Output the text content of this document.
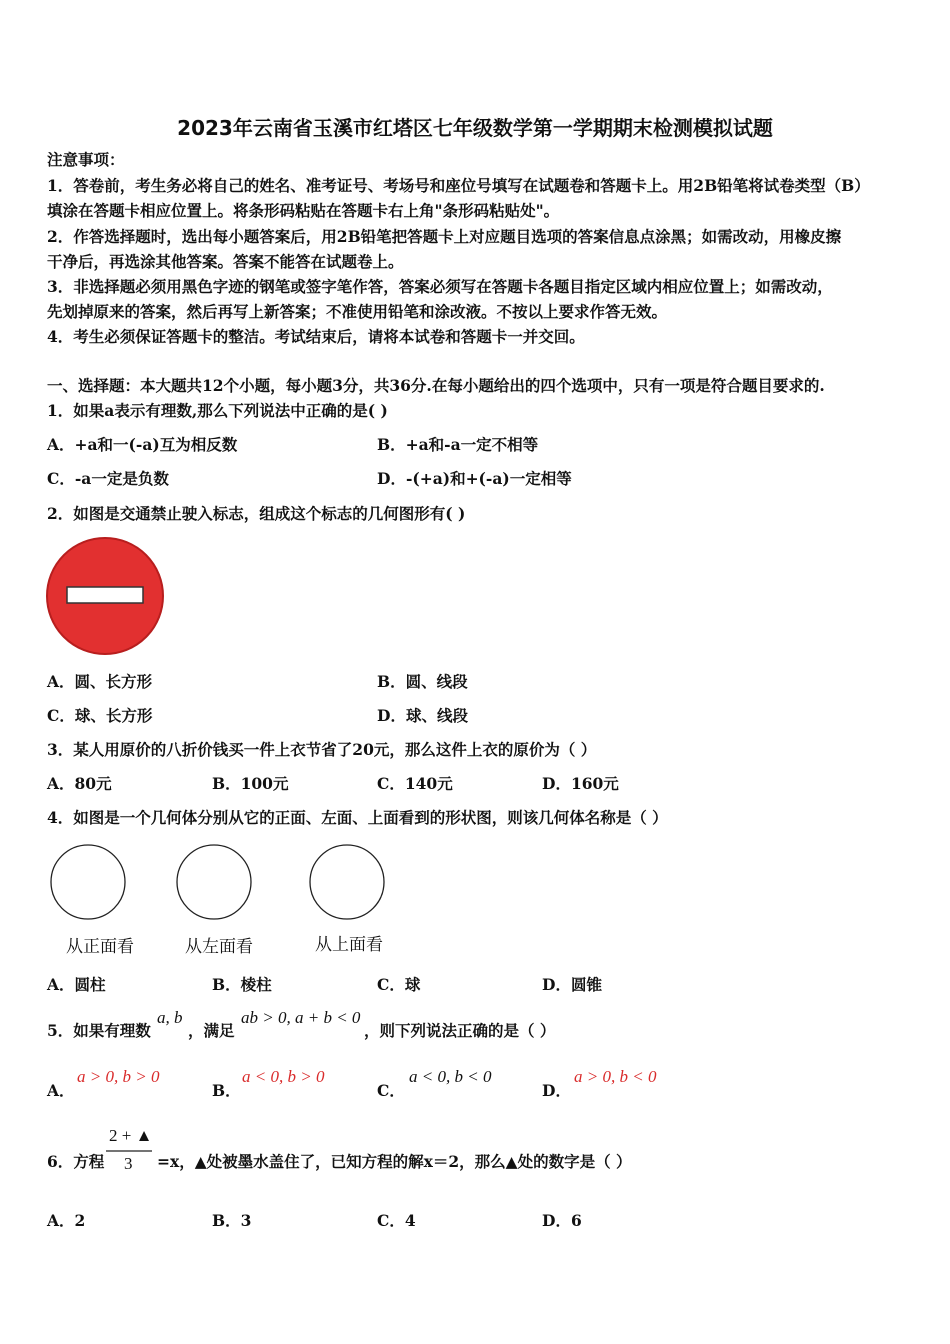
2023年云南省玉溪市红塔区七年级数学第一学期期末检测模拟试题
注意事项：
1．答卷前，考生务必将自己的姓名、准考证号、考场号和座位号填写在试题卷和答题卡上。用2B铅笔将试卷类型（B）
填涂在答题卡相应位置上。将条形码粘贴在答题卡右上角"条形码粘贴处"。
2．作答选择题时，选出每小题答案后，用2B铅笔把答题卡上对应题目选项的答案信息点涂黑；如需改动，用橡皮擦
干净后，再选涂其他答案。答案不能答在试题卷上。
3．非选择题必须用黑色字迹的钢笔或签字笔作答，答案必须写在答题卡各题目指定区域内相应位置上；如需改动，
先划掉原来的答案，然后再写上新答案；不准使用铅笔和涂改液。不按以上要求作答无效。
4．考生必须保证答题卡的整洁。考试结束后，请将本试卷和答题卡一并交回。
一、选择题：本大题共12个小题，每小题3分，共36分.在每小题给出的四个选项中，只有一项是符合题目要求的.
1．如果a表示有理数,那么下列说法中正确的是( )
A．+a和一(-a)互为相反数	B．+a和-a一定不相等
C．-a一定是负数	D．-(+a)和+(-a)一定相等
2．如图是交通禁止驶入标志，组成这个标志的几何图形有( )
A．圆、长方形	B．圆、线段
C．球、长方形	D．球、线段
3．某人用原价的八折价钱买一件上衣节省了20元，那么这件上衣的原价为（ ）
A．80元	B．100元	C．140元	D．160元
4．如图是一个几何体分别从它的正面、左面、上面看到的形状图，则该几何体名称是（ ）
从正面看	从左面看	从上面看
A．圆柱	B．棱柱	C．球	D．圆锥
5．如果有理数
a, b
，满足
ab > 0, a + b < 0
，则下列说法正确的是（ ）
A．
a > 0, b > 0
B．
a < 0, b > 0
C．
a < 0, b < 0
D．
a > 0, b < 0
6．方程
2 + ▲
3 =x，▲处被墨水盖住了，已知方程的解x＝2，那么▲处的数字是（ ）
A．2	B．3	C．4	D．6
